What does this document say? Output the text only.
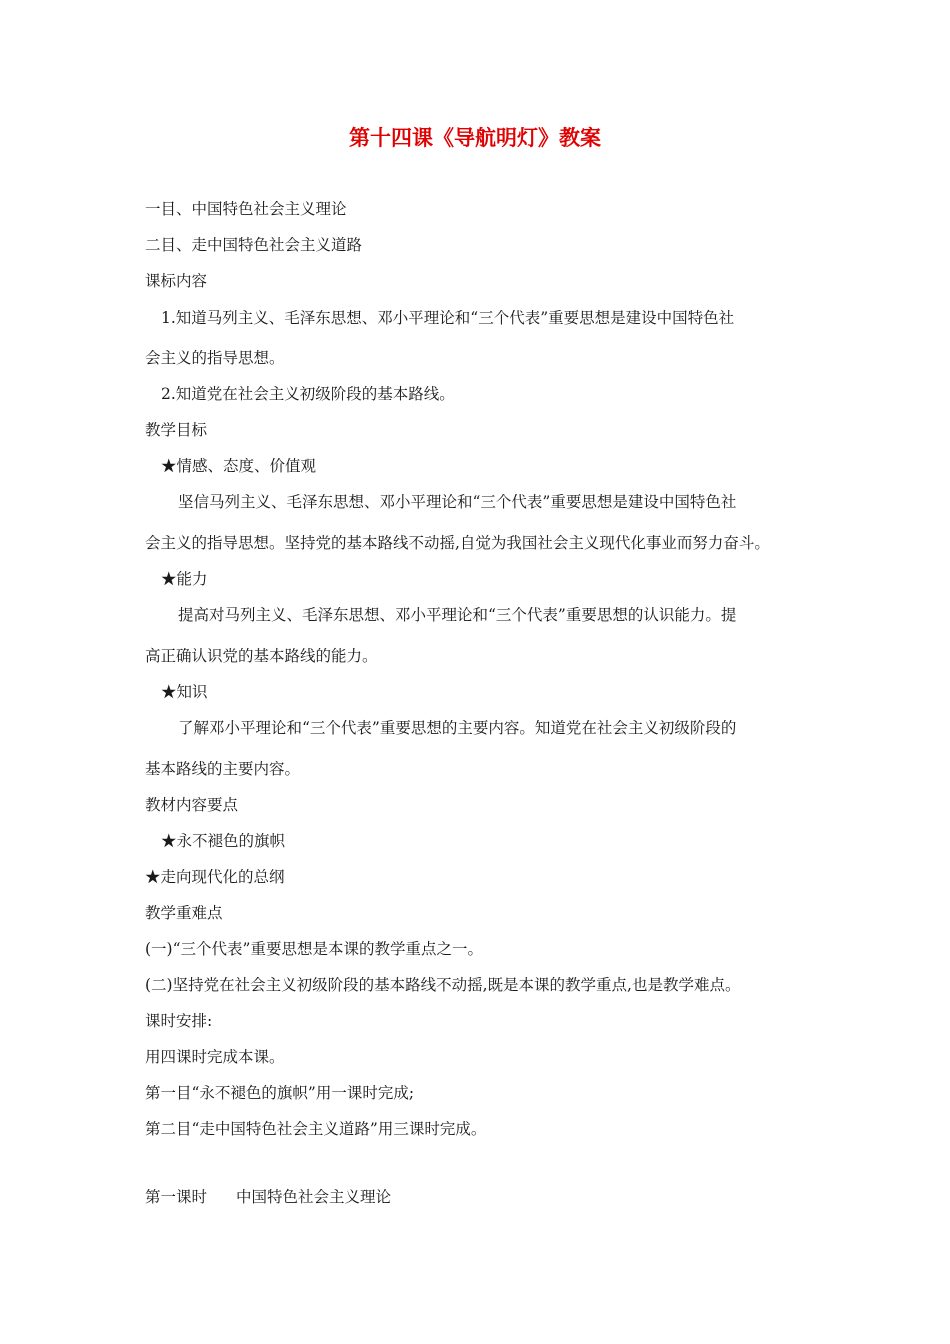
第十四课《导航明灯》教案
一目、中国特色社会主义理论
二目、走中国特色社会主义道路
课标内容
1.知道马列主义、毛泽东思想、邓小平理论和“三个代表”重要思想是建设中国特色社
会主义的指导思想。
2.知道党在社会主义初级阶段的基本路线。
教学目标
★情感、态度、价值观
坚信马列主义、毛泽东思想、邓小平理论和“三个代表”重要思想是建设中国特色社
会主义的指导思想。坚持党的基本路线不动摇,自觉为我国社会主义现代化事业而努力奋斗。
★能力
提高对马列主义、毛泽东思想、邓小平理论和“三个代表”重要思想的认识能力。提
高正确认识党的基本路线的能力。
★知识
了解邓小平理论和“三个代表”重要思想的主要内容。知道党在社会主义初级阶段的
基本路线的主要内容。
教材内容要点
★永不褪色的旗帜
★走向现代化的总纲
教学重难点
(一)“三个代表”重要思想是本课的教学重点之一。
(二)坚持党在社会主义初级阶段的基本路线不动摇,既是本课的教学重点,也是教学难点。
课时安排:
用四课时完成本课。
第一目“永不褪色的旗帜”用一课时完成;
第二目“走中国特色社会主义道路”用三课时完成。
第一课时 中国特色社会主义理论
